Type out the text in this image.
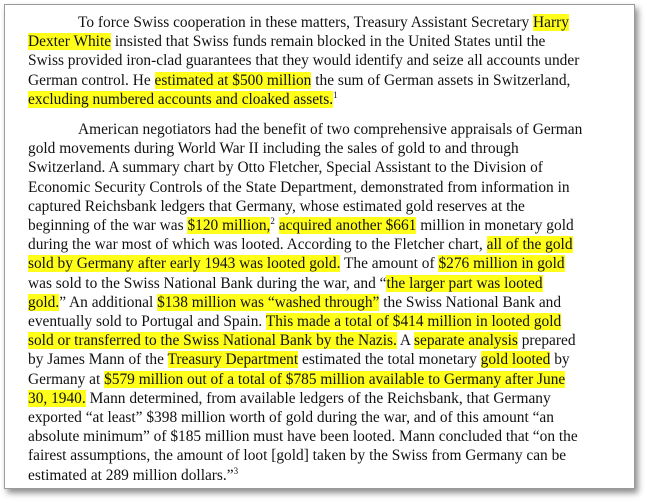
To force Swiss cooperation in these matters, Treasury Assistant Secretary Harry
Dexter White insisted that Swiss funds remain blocked in the United States until the
Swiss provided iron-clad guarantees that they would identify and seize all accounts under
German control. He estimated at $500 million the sum of German assets in Switzerland,
excluding numbered accounts and cloaked assets.$^1$

American negotiators had the benefit of two comprehensive appraisals of German
gold movements during World War II including the sales of gold to and through
Switzerland. A summary chart by Otto Fletcher, Special Assistant to the Division of
Economic Security Controls of the State Department, demonstrated from information in
captured Reichsbank ledgers that Germany, whose estimated gold reserves at the
beginning of the war was $120 million,$^2$ acquired another $661 million in monetary gold
during the war most of which was looted. According to the Fletcher chart, all of the gold
sold by Germany after early 1943 was looted gold. The amount of $276 million in gold
was sold to the Swiss National Bank during the war, and “the larger part was looted
gold.” An additional $138 million was “washed through” the Swiss National Bank and
eventually sold to Portugal and Spain. This made a total of $414 million in looted gold
sold or transferred to the Swiss National Bank by the Nazis. A separate analysis prepared
by James Mann of the Treasury Department estimated the total monetary gold looted by
Germany at $579 million out of a total of $785 million available to Germany after June
30, 1940. Mann determined, from available ledgers of the Reichsbank, that Germany
exported “at least” $398 million worth of gold during the war, and of this amount “an
absolute minimum” of $185 million must have been looted. Mann concluded that “on the
fairest assumptions, the amount of loot [gold] taken by the Swiss from Germany can be
estimated at 289 million dollars.”$^3$
